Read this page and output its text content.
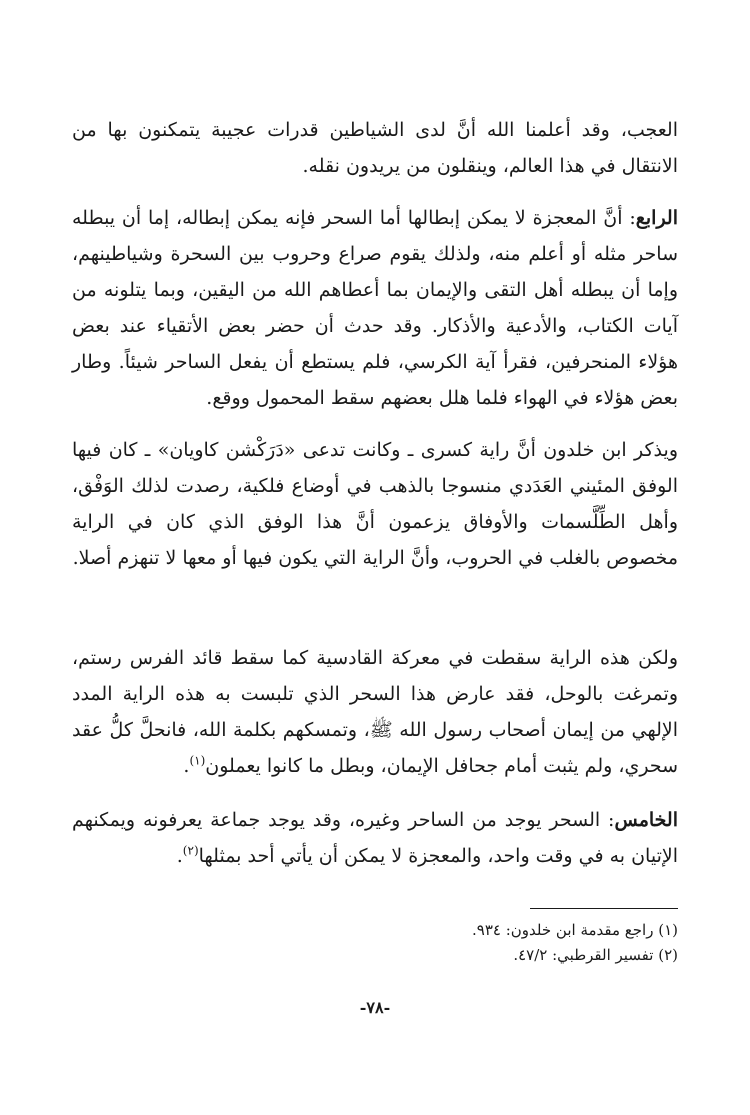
العجب، وقد أعلمنا الله أنَّ لدى الشياطين قدرات عجيبة يتمكنون بها من الانتقال في هذا العالم، وينقلون من يريدون نقله.

الرابع: أنَّ المعجزة لا يمكن إبطالها أما السحر فإنه يمكن إبطاله، إما أن يبطله ساحر مثله أو أعلم منه، ولذلك يقوم صراع وحروب بين السحرة وشياطينهم، وإما أن يبطله أهل التقى والإيمان بما أعطاهم الله من اليقين، وبما يتلونه من آيات الكتاب، والأدعية والأذكار. وقد حدث أن حضر بعض الأتقياء عند بعض هؤلاء المنحرفين، فقرأ آية الكرسي، فلم يستطع أن يفعل الساحر شيئاً. وطار بعض هؤلاء في الهواء فلما هلل بعضهم سقط المحمول ووقع.

ويذكر ابن خلدون أنَّ راية كسرى ـ وكانت تدعى «دَرَكْشن كاويان» ـ كان فيها الوفق المئيني العَدَدي منسوجا بالذهب في أوضاع فلكية، رصدت لذلك الوَفْق، وأهل الطِّلَّسمات والأوفاق يزعمون أنَّ هذا الوفق الذي كان في الراية مخصوص بالغلب في الحروب، وأنَّ الراية التي يكون فيها أو معها لا تنهزم أصلا.

ولكن هذه الراية سقطت في معركة القادسية كما سقط قائد الفرس رستم، وتمرغت بالوحل، فقد عارض هذا السحر الذي تلبست به هذه الراية المدد الإلهي من إيمان أصحاب رسول الله ﷺ، وتمسكهم بكلمة الله، فانحلَّ كلُّ عقد سحري، ولم يثبت أمام جحافل الإيمان، وبطل ما كانوا يعملون$^{(١)}$.

الخامس: السحر يوجد من الساحر وغيره، وقد يوجد جماعة يعرفونه ويمكنهم الإتيان به في وقت واحد، والمعجزة لا يمكن أن يأتي أحد بمثلها$^{(٢)}$.

(١) راجع مقدمة ابن خلدون: ٩٣٤.

(٢) تفسير القرطبي: ٤٧/٢.

-٧٨-
